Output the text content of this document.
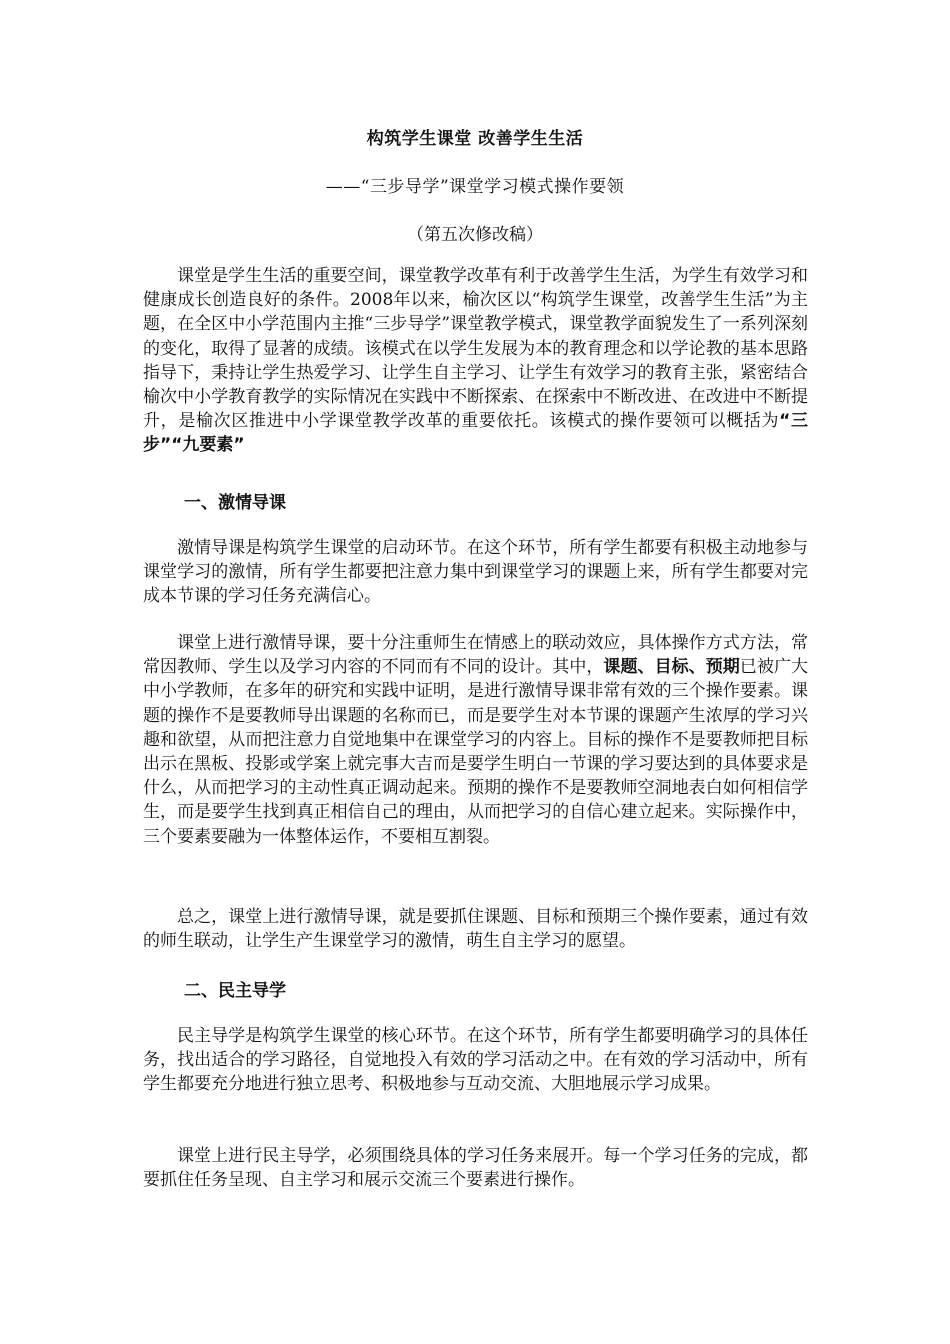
构筑学生课堂 改善学生生活
——“三步导学”课堂学习模式操作要领
（第五次修改稿）

课堂是学生生活的重要空间，课堂教学改革有利于改善学生生活，为学生有效学习和健康成长创造良好的条件。2008年以来，榆次区以“构筑学生课堂，改善学生生活”为主题，在全区中小学范围内主推“三步导学”课堂教学模式，课堂教学面貌发生了一系列深刻的变化，取得了显著的成绩。该模式在以学生发展为本的教育理念和以学论教的基本思路指导下，秉持让学生热爱学习、让学生自主学习、让学生有效学习的教育主张，紧密结合榆次中小学教育教学的实际情况在实践中不断探索、在探索中不断改进、在改进中不断提升，是榆次区推进中小学课堂教学改革的重要依托。该模式的操作要领可以概括为“三步”“九要素”

一、激情导课

激情导课是构筑学生课堂的启动环节。在这个环节，所有学生都要有积极主动地参与课堂学习的激情，所有学生都要把注意力集中到课堂学习的课题上来，所有学生都要对完成本节课的学习任务充满信心。

课堂上进行激情导课，要十分注重师生在情感上的联动效应，具体操作方式方法，常常因教师、学生以及学习内容的不同而有不同的设计。其中，课题、目标、预期已被广大中小学教师，在多年的研究和实践中证明，是进行激情导课非常有效的三个操作要素。课题的操作不是要教师导出课题的名称而已，而是要学生对本节课的课题产生浓厚的学习兴趣和欲望，从而把注意力自觉地集中在课堂学习的内容上。目标的操作不是要教师把目标出示在黑板、投影或学案上就完事大吉而是要学生明白一节课的学习要达到的具体要求是什么，从而把学习的主动性真正调动起来。预期的操作不是要教师空洞地表白如何相信学生，而是要学生找到真正相信自己的理由，从而把学习的自信心建立起来。实际操作中，三个要素要融为一体整体运作，不要相互割裂。

总之，课堂上进行激情导课，就是要抓住课题、目标和预期三个操作要素，通过有效的师生联动，让学生产生课堂学习的激情，萌生自主学习的愿望。

二、民主导学

民主导学是构筑学生课堂的核心环节。在这个环节，所有学生都要明确学习的具体任务，找出适合的学习路径，自觉地投入有效的学习活动之中。在有效的学习活动中，所有学生都要充分地进行独立思考、积极地参与互动交流、大胆地展示学习成果。

课堂上进行民主导学，必须围绕具体的学习任务来展开。每一个学习任务的完成，都要抓住任务呈现、自主学习和展示交流三个要素进行操作。
